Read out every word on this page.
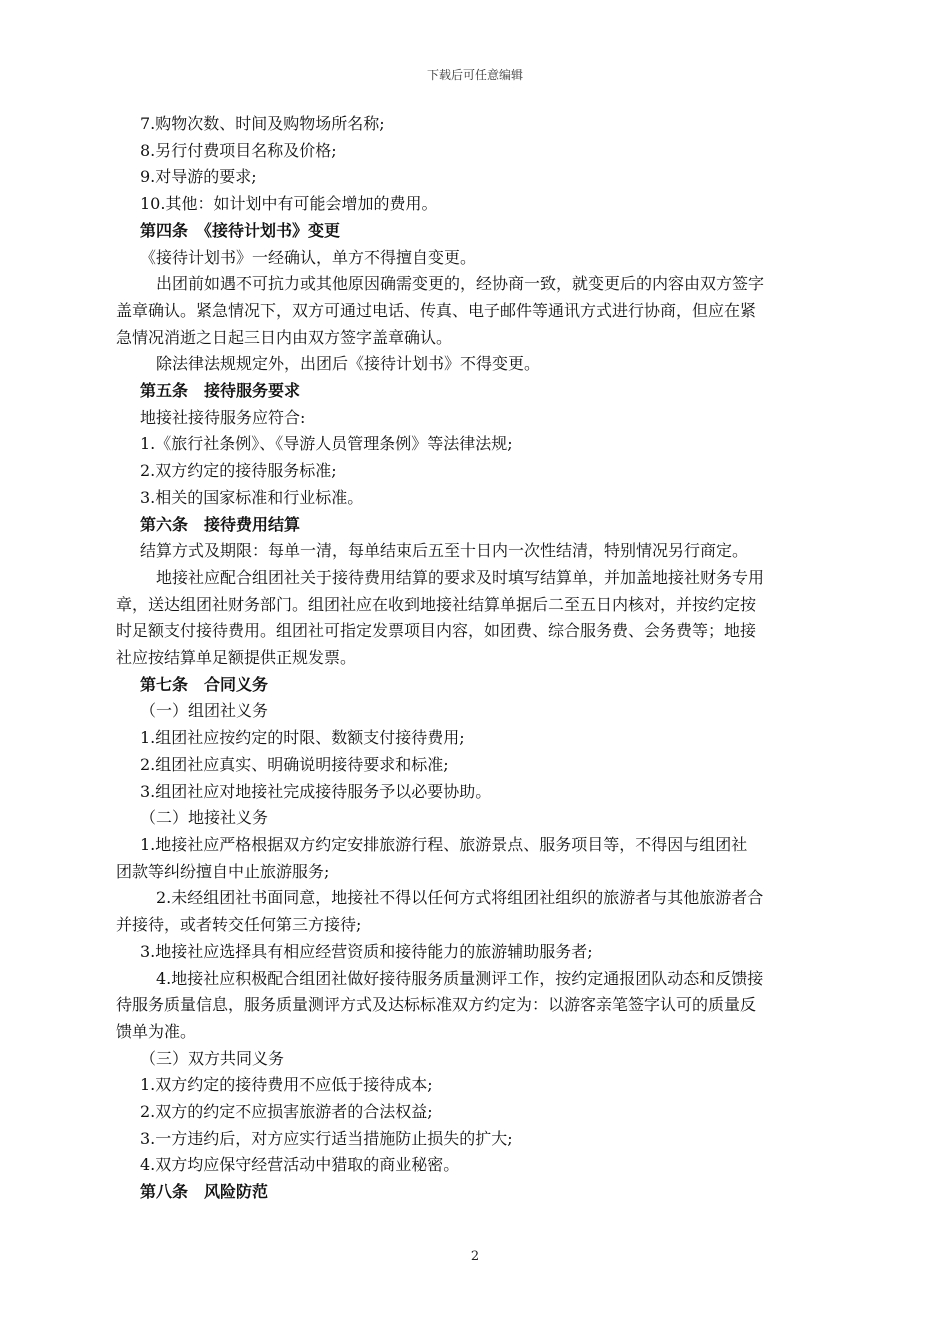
下载后可任意编辑
7.购物次数、时间及购物场所名称;
8.另行付费项目名称及价格;
9.对导游的要求;
10.其他：如计划中有可能会增加的费用。
第四条　《接待计划书》变更
《接待计划书》一经确认，单方不得擅自变更。
　出团前如遇不可抗力或其他原因确需变更的，经协商一致，就变更后的内容由双方签字
盖章确认。紧急情况下，双方可通过电话、传真、电子邮件等通讯方式进行协商，但应在紧
急情况消逝之日起三日内由双方签字盖章确认。
　除法律法规规定外，出团后《接待计划书》不得变更。
第五条　接待服务要求
地接社接待服务应符合:
1.《旅行社条例》、《导游人员管理条例》等法律法规;
2.双方约定的接待服务标准;
3.相关的国家标准和行业标准。
第六条　接待费用结算
结算方式及期限：每单一清，每单结束后五至十日内一次性结清，特别情况另行商定。
　地接社应配合组团社关于接待费用结算的要求及时填写结算单，并加盖地接社财务专用
章，送达组团社财务部门。组团社应在收到地接社结算单据后二至五日内核对，并按约定按
时足额支付接待费用。组团社可指定发票项目内容，如团费、综合服务费、会务费等；地接
社应按结算单足额提供正规发票。
第七条　合同义务
（一）组团社义务
1.组团社应按约定的时限、数额支付接待费用;
2.组团社应真实、明确说明接待要求和标准;
3.组团社应对地接社完成接待服务予以必要协助。
（二）地接社义务
1.地接社应严格根据双方约定安排旅游行程、旅游景点、服务项目等，不得因与组团社
团款等纠纷擅自中止旅游服务;
　2.未经组团社书面同意，地接社不得以任何方式将组团社组织的旅游者与其他旅游者合
并接待，或者转交任何第三方接待;
3.地接社应选择具有相应经营资质和接待能力的旅游辅助服务者;
　4.地接社应积极配合组团社做好接待服务质量测评工作，按约定通报团队动态和反馈接
待服务质量信息，服务质量测评方式及达标标准双方约定为：以游客亲笔签字认可的质量反
馈单为准。
（三）双方共同义务
1.双方约定的接待费用不应低于接待成本;
2.双方的约定不应损害旅游者的合法权益;
3.一方违约后，对方应实行适当措施防止损失的扩大;
4.双方均应保守经营活动中猎取的商业秘密。
第八条　风险防范
2
